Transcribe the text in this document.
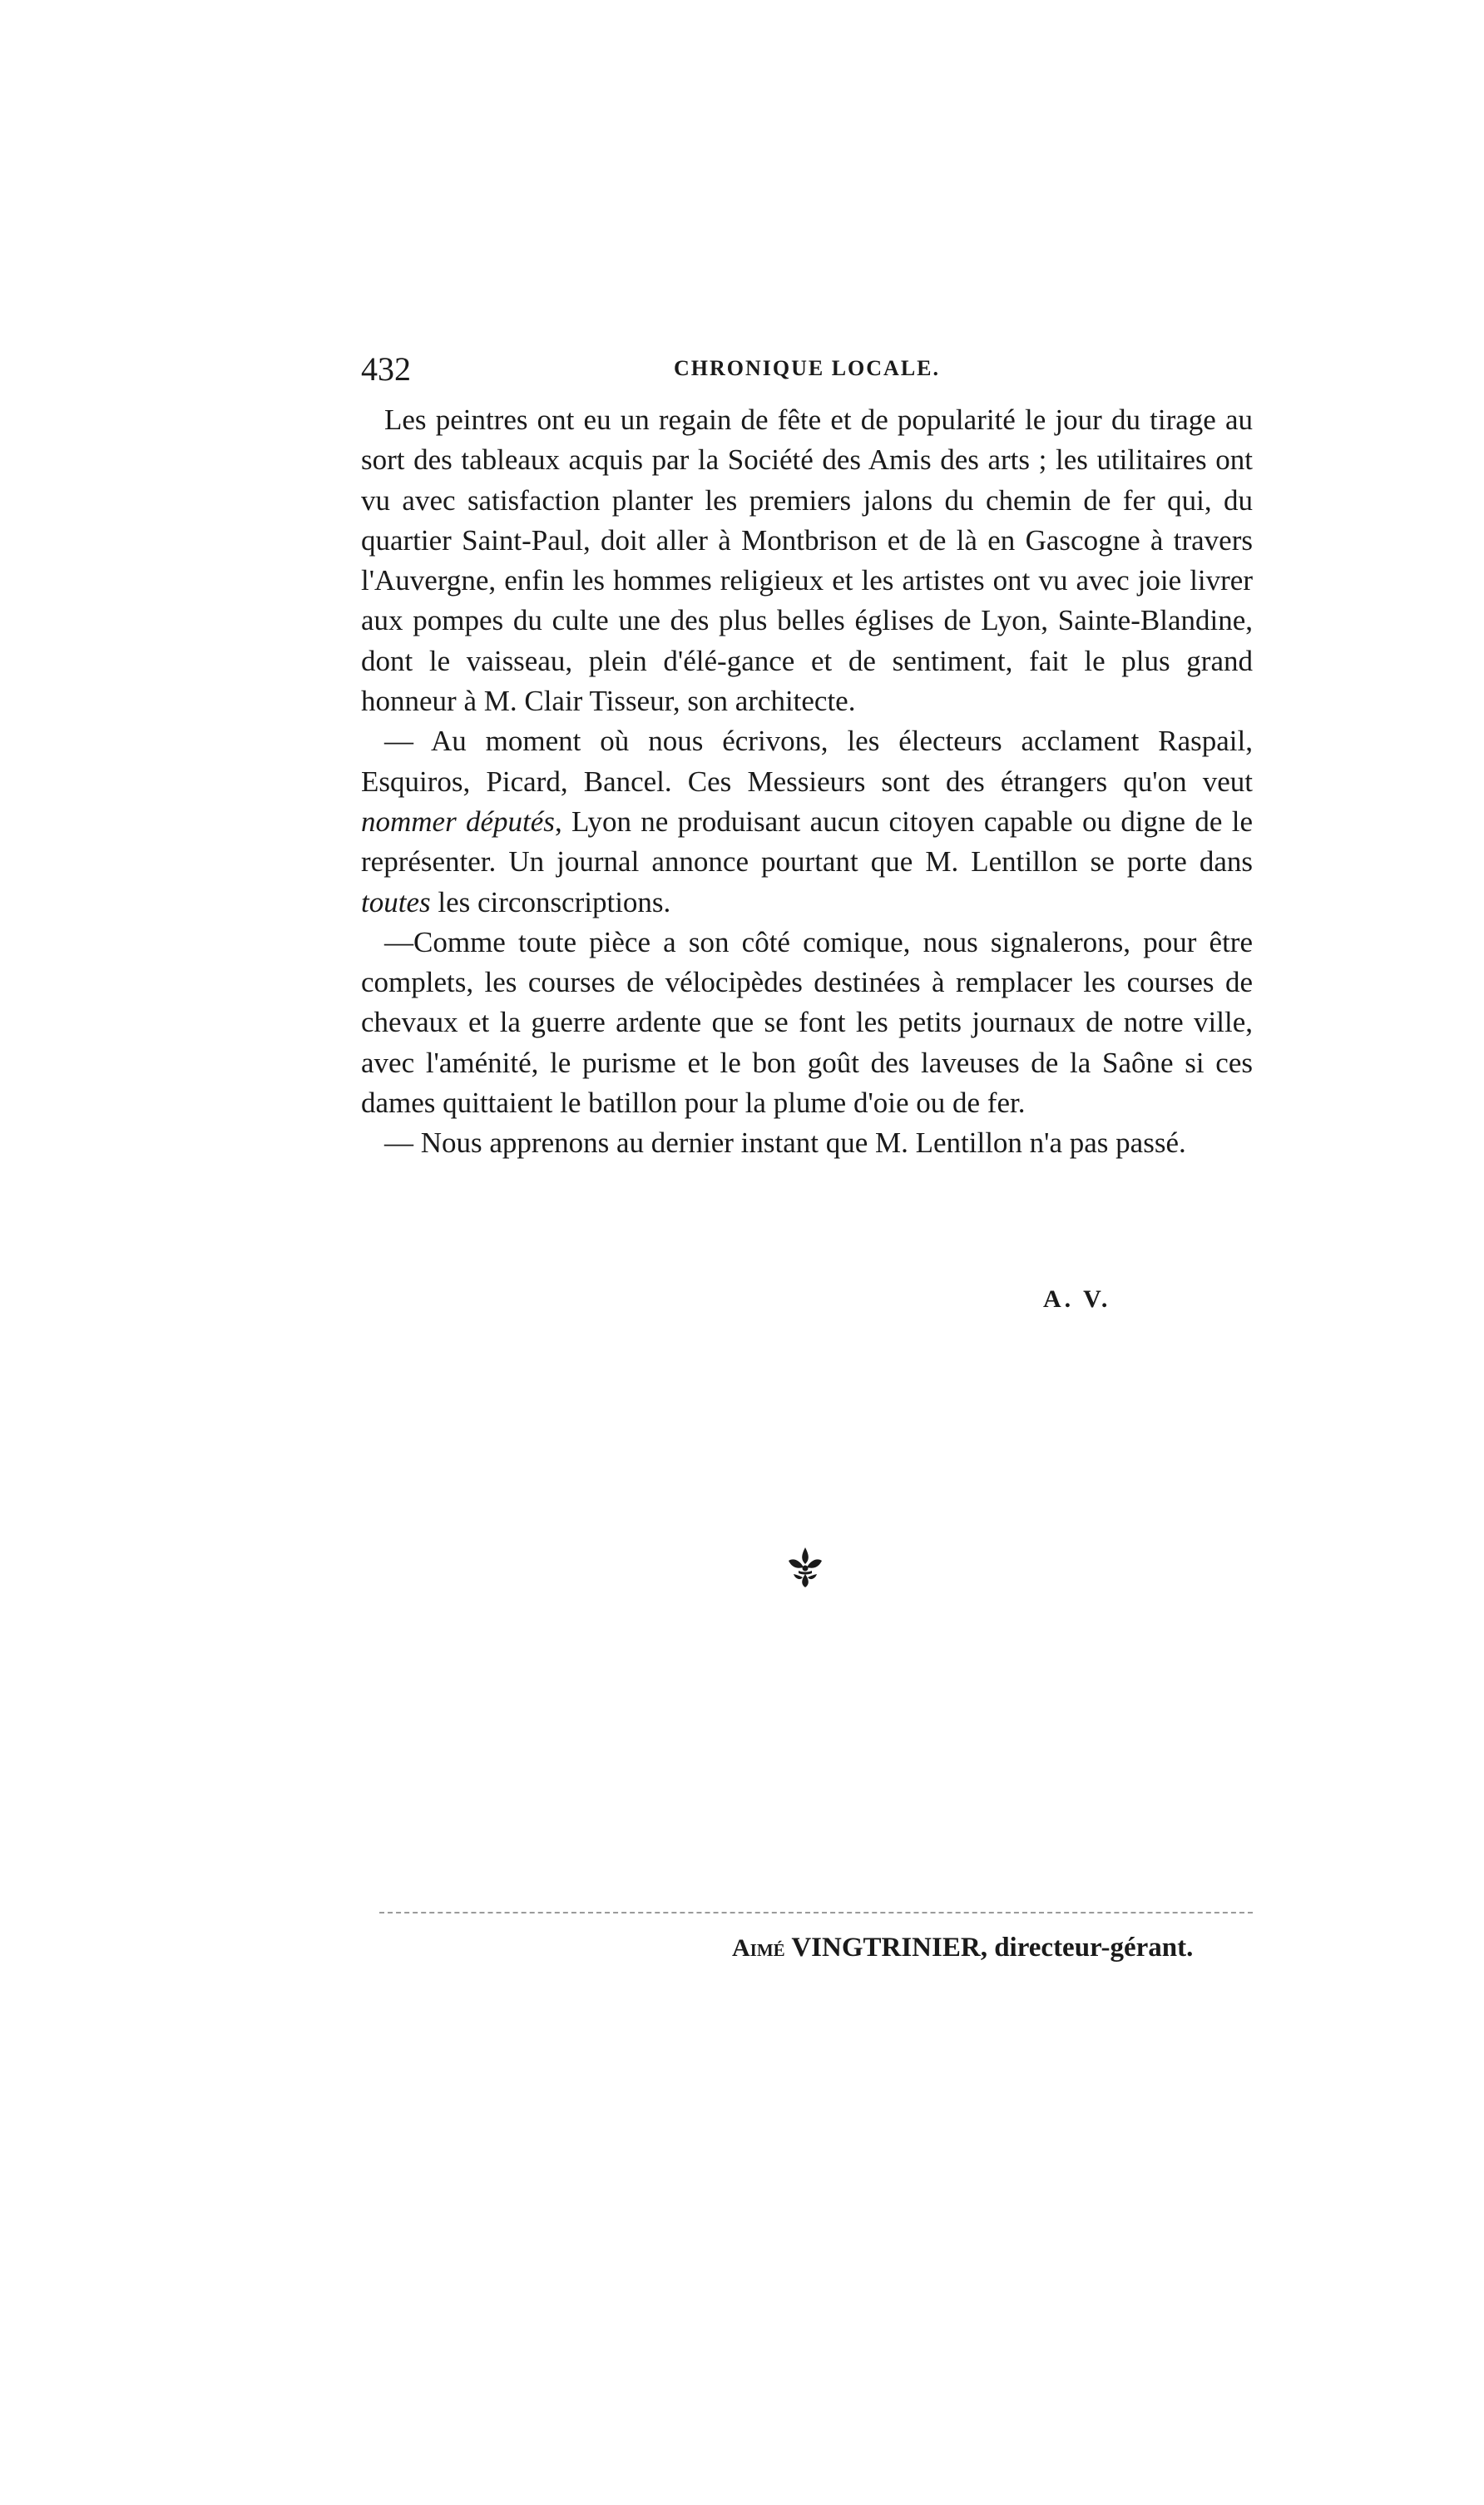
432	CHRONIQUE LOCALE.

Les peintres ont eu un regain de fête et de popularité le jour du tirage au sort des tableaux acquis par la Société des Amis des arts ; les utilitaires ont vu avec satisfaction planter les premiers jalons du chemin de fer qui, du quartier Saint-Paul, doit aller à Montbrison et de là en Gascogne à travers l'Auvergne, enfin les hommes religieux et les artistes ont vu avec joie livrer aux pompes du culte une des plus belles églises de Lyon, Sainte-Blandine, dont le vaisseau, plein d'élé-gance et de sentiment, fait le plus grand honneur à M. Clair Tisseur, son architecte.

— Au moment où nous écrivons, les électeurs acclament Raspail, Esquiros, Picard, Bancel. Ces Messieurs sont des étrangers qu'on veut nommer députés, Lyon ne produisant aucun citoyen capable ou digne de le représenter. Un journal annonce pourtant que M. Lentillon se porte dans toutes les circonscriptions.

—Comme toute pièce a son côté comique, nous signalerons, pour être complets, les courses de vélocipèdes destinées à remplacer les courses de chevaux et la guerre ardente que se font les petits journaux de notre ville, avec l'aménité, le purisme et le bon goût des laveuses de la Saône si ces dames quittaient le batillon pour la plume d'oie ou de fer.

— Nous apprenons au dernier instant que M. Lentillon n'a pas passé.

A. V.
Aimé VINGTRINIER, directeur-gérant.
